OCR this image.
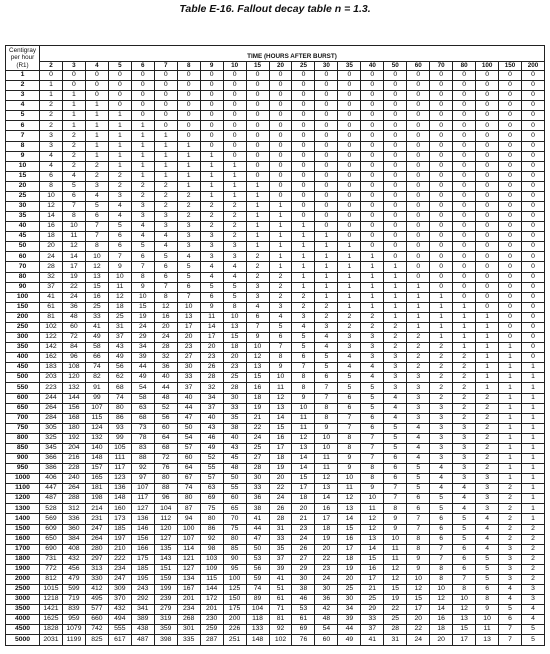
Table E-16. Fallout decay table n = 1.3.
Centigray
per hour
(R1)	TIME (HOURS AFTER BURST)																					
	2	3	4	5	6	7	8	9	10	15	20	25	30	35	40	50	60	70	80	100	150	200
1	0	0	0	0	0	0	0	0	0	0	0	0	0	0	0	0	0	0	0	0	0	0
2	1	0	0	0	0	0	0	0	0	0	0	0	0	0	0	0	0	0	0	0	0	0
3	1	1	0	0	0	0	0	0	0	0	0	0	0	0	0	0	0	0	0	0	0	0
4	2	1	1	0	0	0	0	0	0	0	0	0	0	0	0	0	0	0	0	0	0	0
5	2	1	1	1	0	0	0	0	0	0	0	0	0	0	0	0	0	0	0	0	0	0
6	2	1	1	1	1	0	0	0	0	0	0	0	0	0	0	0	0	0	0	0	0	0
7	3	2	1	1	1	1	0	0	0	0	0	0	0	0	0	0	0	0	0	0	0	0
8	3	2	1	1	1	1	1	0	0	0	0	0	0	0	0	0	0	0	0	0	0	0
9	4	2	1	1	1	1	1	1	0	0	0	0	0	0	0	0	0	0	0	0	0	0
10	4	2	2	1	1	1	1	1	1	0	0	0	0	0	0	0	0	0	0	0	0	0
15	6	4	2	2	1	1	1	1	1	0	0	0	0	0	0	0	0	0	0	0	0	0
20	8	5	3	2	2	2	1	1	1	1	0	0	0	0	0	0	0	0	0	0	0	0
25	10	6	4	3	2	2	2	1	1	1	0	0	0	0	0	0	0	0	0	0	0	0
30	12	7	5	4	3	2	2	2	2	1	1	0	0	0	0	0	0	0	0	0	0	0
35	14	8	6	4	3	3	2	2	2	1	1	0	0	0	0	0	0	0	0	0	0	0
40	16	10	7	5	4	3	3	2	2	1	1	1	0	0	0	0	0	0	0	0	0	0
45	18	11	7	6	4	4	3	3	2	1	1	1	1	0	0	0	0	0	0	0	0	0
50	20	12	8	6	5	4	3	3	3	1	1	1	1	1	0	0	0	0	0	0	0	0
60	24	14	10	7	6	5	4	3	3	2	1	1	1	1	1	0	0	0	0	0	0	0
70	28	17	12	9	7	6	5	4	4	2	1	1	1	1	1	1	0	0	0	0	0	0
80	32	19	13	10	8	6	5	4	4	2	2	1	1	1	1	1	0	0	0	0	0	0
90	37	22	15	11	9	7	6	5	5	3	2	1	1	1	1	1	1	0	0	0	0	0
100	41	24	16	12	10	8	7	6	5	3	2	2	1	1	1	1	1	1	0	0	0	0
150	61	36	25	18	15	12	10	9	8	4	3	2	2	1	1	1	1	1	1	0	0	0
200	81	48	33	25	19	16	13	11	10	6	4	3	2	2	2	1	1	1	1	1	0	0
250	102	60	41	31	24	20	17	14	13	7	5	4	3	2	2	2	1	1	1	1	0	0
300	122	72	49	37	29	24	20	17	15	9	6	5	4	3	3	2	2	1	1	1	0	0
350	142	84	58	43	34	28	23	20	18	10	7	5	4	3	3	2	2	2	1	1	1	0
400	162	96	66	49	39	32	27	23	20	12	8	6	5	4	3	3	2	2	2	1	1	0
450	183	108	74	56	44	36	30	26	23	13	9	7	5	4	4	3	2	2	2	1	1	1
500	203	120	82	62	49	40	33	28	25	15	10	8	6	5	4	3	3	2	2	1	1	1
550	223	132	91	68	54	44	37	32	28	16	11	8	7	5	5	3	3	2	2	1	1	1
600	244	144	99	74	58	48	40	34	30	18	12	9	7	6	5	4	3	2	2	2	1	1
650	264	156	107	80	63	52	44	37	33	19	13	10	8	6	5	4	3	3	2	2	1	1
700	284	168	115	86	68	56	47	40	35	21	14	11	8	7	6	4	3	3	2	2	1	1
750	305	180	124	93	73	60	50	43	38	22	15	11	9	7	6	5	4	3	3	2	1	1
800	325	192	132	99	78	64	54	46	40	24	16	12	10	8	7	5	4	3	3	2	1	1
850	345	204	140	105	83	68	57	49	43	25	17	13	10	8	7	5	4	3	3	2	1	1
900	366	216	148	111	88	72	60	52	45	27	18	14	11	9	7	6	4	3	3	2	1	1
950	386	228	157	117	92	76	64	55	48	28	19	14	11	9	8	6	5	4	3	2	1	1
1000	406	240	165	123	97	80	67	57	50	30	20	15	12	10	8	6	5	4	3	3	1	1
1100	447	264	181	136	107	88	74	63	55	33	22	17	13	11	9	7	5	4	4	3	2	1
1200	487	288	198	148	117	96	80	69	60	36	24	18	14	12	10	7	6	5	4	3	2	1
1300	528	312	214	160	127	104	87	75	65	38	26	20	16	13	11	8	6	5	4	3	2	1
1400	569	336	231	173	136	112	94	80	70	41	28	21	17	14	12	9	7	6	5	4	2	1
1500	609	360	247	185	146	120	100	86	75	44	31	23	18	15	12	9	7	6	5	4	2	2
1600	650	384	264	197	156	127	107	92	80	47	33	24	19	16	13	10	8	6	5	4	2	2
1700	690	408	280	210	166	135	114	98	85	50	35	26	20	17	14	11	8	7	6	4	3	2
1800	731	432	297	222	175	143	121	103	90	53	37	27	22	18	15	11	9	7	6	5	3	2
1900	772	456	313	234	185	151	127	109	95	56	39	29	23	19	16	12	9	8	6	5	3	2
2000	812	479	330	247	195	159	134	115	100	59	41	30	24	20	17	12	10	8	7	5	3	2
2500	1015	599	412	309	243	199	167	144	125	74	51	38	30	25	21	15	12	10	8	6	4	3
3000	1218	719	495	370	292	239	201	172	150	89	61	46	36	30	25	19	15	12	10	8	4	3
3500	1421	839	577	432	341	279	234	201	175	104	71	53	42	34	29	22	17	14	12	9	5	4
4000	1625	959	660	494	389	319	268	230	200	118	81	61	48	39	33	25	20	16	13	10	6	4
4500	1828	1079	742	555	438	359	301	259	226	133	92	69	54	44	37	28	22	18	15	11	7	5
5000	2031	1199	825	617	487	398	335	287	251	148	102	76	60	49	41	31	24	20	17	13	7	5
